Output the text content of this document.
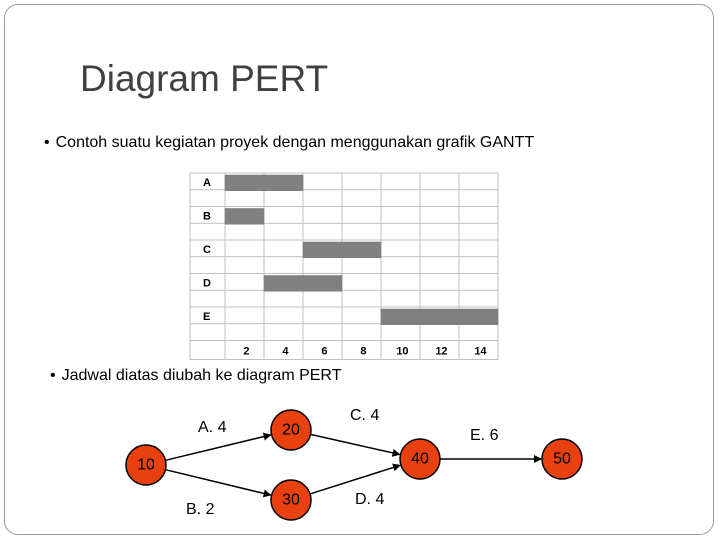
Diagram PERT
• Contoh suatu kegiatan proyek dengan menggunakan grafik GANTT
• Jadwal diatas diubah ke diagram PERT
A
B
C
D
E
2	4	6	8	10 12 14
A. 4
B. 2
C. 4
D. 4
E. 6
10
20
30
40	50
